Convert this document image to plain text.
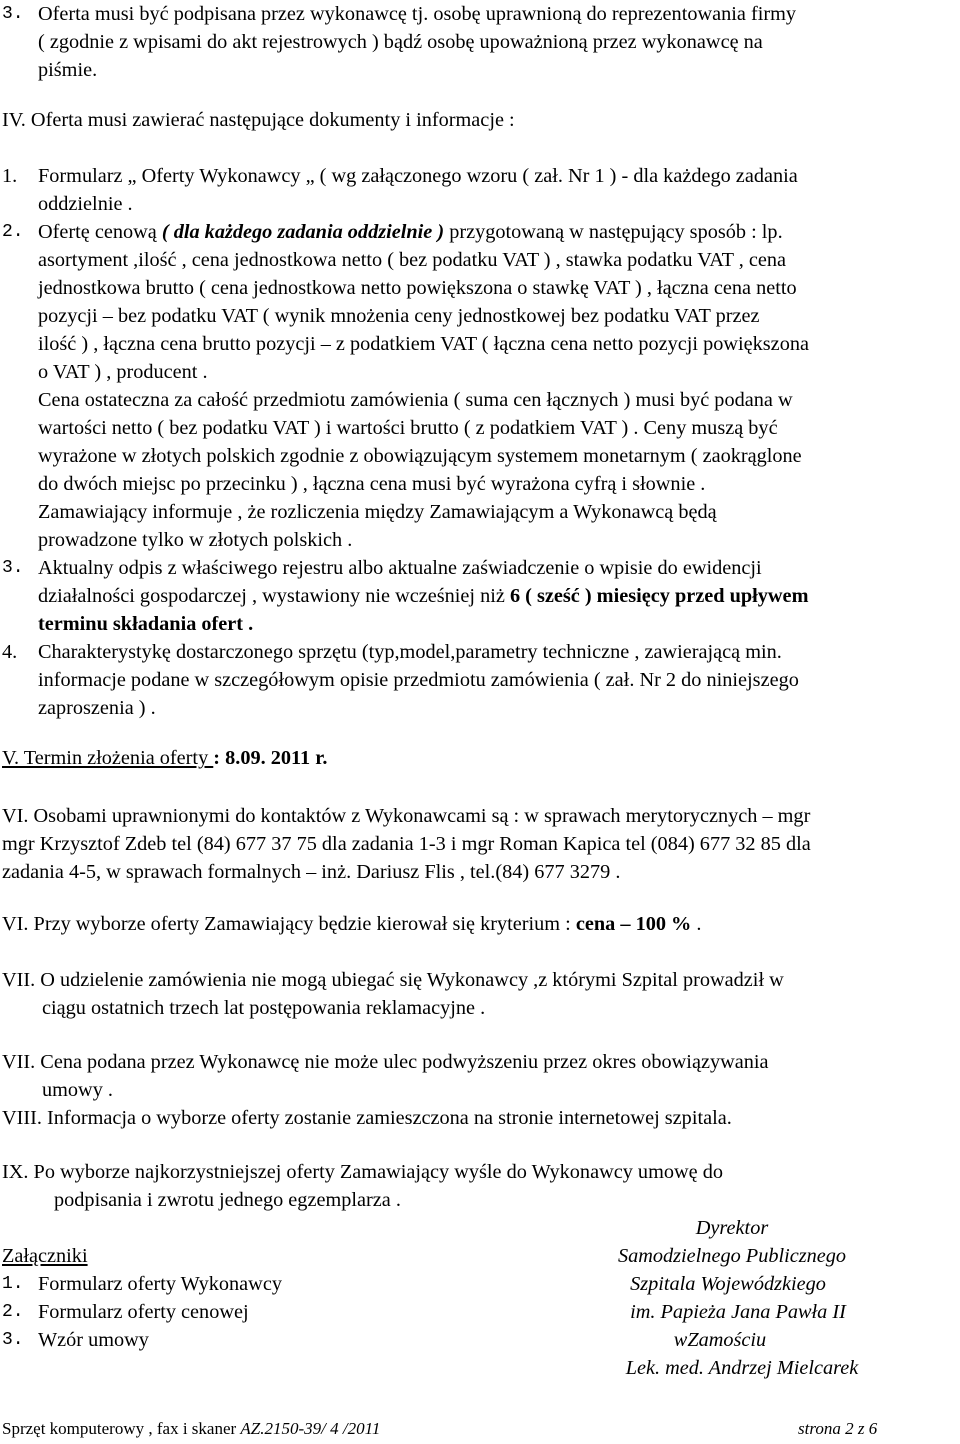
3. Oferta musi być podpisana przez wykonawcę tj. osobę uprawnioną do reprezentowania firmy
( zgodnie z wpisami do akt rejestrowych ) bądź osobę upoważnioną przez wykonawcę na
piśmie.
IV. Oferta musi zawierać następujące dokumenty i informacje :
1. Formularz „ Oferty Wykonawcy „ ( wg załączonego wzoru ( zał. Nr 1 ) - dla każdego zadania
oddzielnie .
2. Ofertę cenową ( dla każdego zadania oddzielnie ) przygotowaną w następujący sposób : lp.
asortyment ,ilość , cena jednostkowa netto ( bez podatku VAT ) , stawka podatku VAT , cena
jednostkowa brutto ( cena jednostkowa netto powiększona o stawkę VAT ) , łączna cena netto
pozycji – bez podatku VAT ( wynik mnożenia ceny jednostkowej bez podatku VAT przez
ilość ) , łączna cena brutto pozycji – z podatkiem VAT ( łączna cena netto pozycji powiększona
o VAT ) , producent .
Cena ostateczna za całość przedmiotu zamówienia ( suma cen łącznych ) musi być podana w
wartości netto ( bez podatku VAT ) i wartości brutto ( z podatkiem VAT ) . Ceny muszą być
wyrażone w złotych polskich zgodnie z obowiązującym systemem monetarnym ( zaokrąglone
do dwóch miejsc po przecinku ) , łączna cena musi być wyrażona cyfrą i słownie .
Zamawiający informuje , że rozliczenia między Zamawiającym a Wykonawcą będą
prowadzone tylko w złotych polskich .
3. Aktualny odpis z właściwego rejestru albo aktualne zaświadczenie o wpisie do ewidencji
działalności gospodarczej , wystawiony nie wcześniej niż 6 ( sześć ) miesięcy przed upływem
terminu składania ofert .
4. Charakterystykę dostarczonego sprzętu (typ,model,parametry techniczne , zawierającą min.
informacje podane w szczegółowym opisie przedmiotu zamówienia ( zał. Nr 2 do niniejszego
zaproszenia ) .
V. Termin złożenia oferty : 8.09. 2011 r.
VI. Osobami uprawnionymi do kontaktów z Wykonawcami są : w sprawach merytorycznych – mgr
mgr Krzysztof Zdeb tel (84) 677 37 75 dla zadania 1-3 i mgr Roman Kapica tel (084) 677 32 85 dla
zadania 4-5, w sprawach formalnych – inż. Dariusz Flis , tel.(84) 677 3279 .
VI. Przy wyborze oferty Zamawiający będzie kierował się kryterium : cena – 100 % .
VII. O udzielenie zamówienia nie mogą ubiegać się Wykonawcy ,z którymi Szpital prowadził w
ciągu ostatnich trzech lat postępowania reklamacyjne .
VII. Cena podana przez Wykonawcę nie może ulec podwyższeniu przez okres obowiązywania
umowy .
VIII. Informacja o wyborze oferty zostanie zamieszczona na stronie internetowej szpitala.
IX. Po wyborze najkorzystniejszej oferty Zamawiający wyśle do Wykonawcy umowę do
podpisania i zwrotu jednego egzemplarza .
Załączniki
1. Formularz oferty Wykonawcy
2. Formularz oferty cenowej
3. Wzór umowy
Dyrektor
Samodzielnego Publicznego
Szpitala Wojewódzkiego
im. Papieża Jana Pawła II
wZamościu
Lek. med. Andrzej Mielcarek
Sprzęt komputerowy , fax i skaner AZ.2150-39/ 4 /2011	strona 2 z 6
